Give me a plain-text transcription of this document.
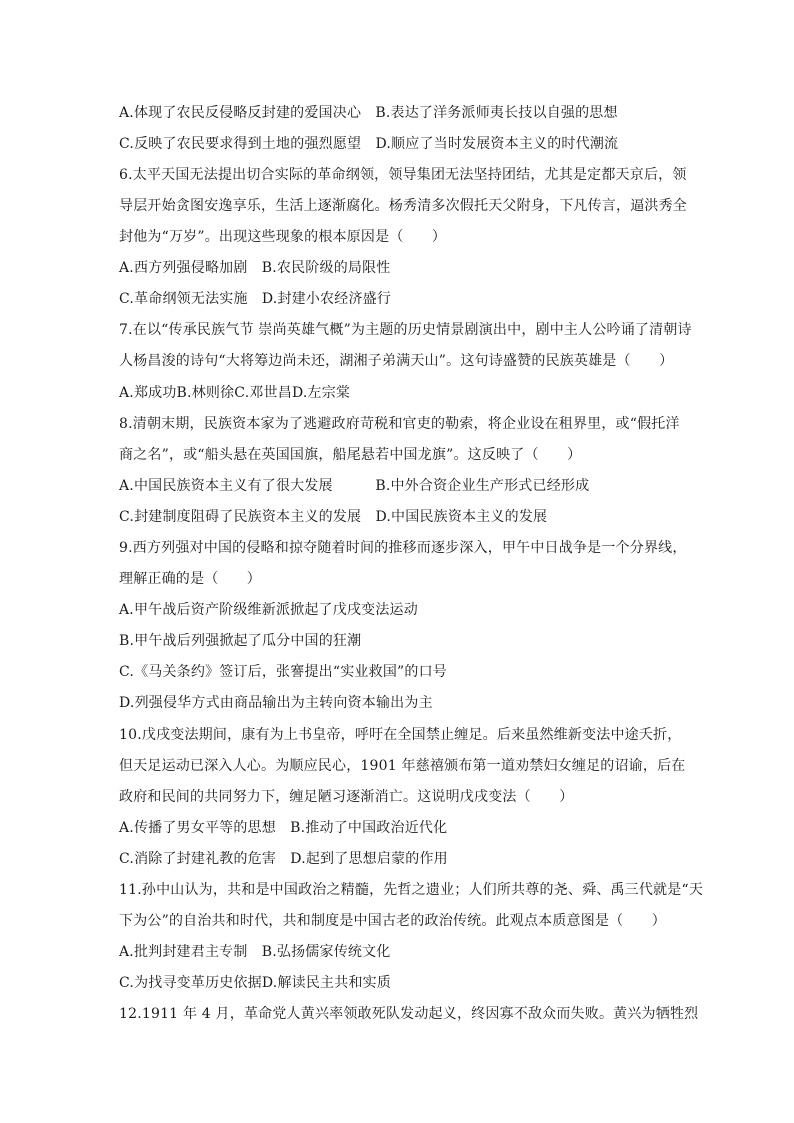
A.体现了农民反侵略反封建的爱国决心　B.表达了洋务派师夷长技以自强的思想
C.反映了农民要求得到土地的强烈愿望　D.顺应了当时发展资本主义的时代潮流
6.太平天国无法提出切合实际的革命纲领，领导集团无法坚持团结，尤其是定都天京后，领
导层开始贪图安逸享乐，生活上逐渐腐化。杨秀清多次假托天父附身，下凡传言，逼洪秀全
封他为“万岁”。出现这些现象的根本原因是（　　）
A.西方列强侵略加剧　B.农民阶级的局限性
C.革命纲领无法实施　D.封建小农经济盛行
7.在以“传承民族气节 崇尚英雄气概”为主题的历史情景剧演出中，剧中主人公吟诵了清朝诗
人杨昌浚的诗句“大将筹边尚未还，湖湘子弟满天山”。这句诗盛赞的民族英雄是（　　）
A.郑成功B.林则徐C.邓世昌D.左宗棠
8.清朝末期，民族资本家为了逃避政府苛税和官吏的勒索，将企业设在租界里，或“假托洋
商之名”，或“船头悬在英国国旗，船尾悬若中国龙旗”。这反映了（　　）
A.中国民族资本主义有了很大发展　　　B.中外合资企业生产形式已经形成
C.封建制度阻碍了民族资本主义的发展　D.中国民族资本主义的发展
9.西方列强对中国的侵略和掠夺随着时间的推移而逐步深入，甲午中日战争是一个分界线，
理解正确的是（　　）
A.甲午战后资产阶级维新派掀起了戊戌变法运动
B.甲午战后列强掀起了瓜分中国的狂潮
C.《马关条约》签订后，张謇提出“实业救国”的口号
D.列强侵华方式由商品输出为主转向资本输出为主
10.戊戌变法期间，康有为上书皇帝，呼吁在全国禁止缠足。后来虽然维新变法中途夭折，
但天足运动已深入人心。为顺应民心，1901 年慈禧颁布第一道劝禁妇女缠足的诏谕，后在
政府和民间的共同努力下，缠足陋习逐渐消亡。这说明戊戌变法（　　）
A.传播了男女平等的思想　B.推动了中国政治近代化
C.消除了封建礼教的危害　D.起到了思想启蒙的作用
11.孙中山认为，共和是中国政治之精髓，先哲之遗业；人们所共尊的尧、舜、禹三代就是“天
下为公”的自治共和时代，共和制度是中国古老的政治传统。此观点本质意图是（　　）
A.批判封建君主专制　B.弘扬儒家传统文化
C.为找寻变革历史依据D.解读民主共和实质
12.1911 年 4 月，革命党人黄兴率领敢死队发动起义，终因寡不敌众而失败。黄兴为牺牲烈
